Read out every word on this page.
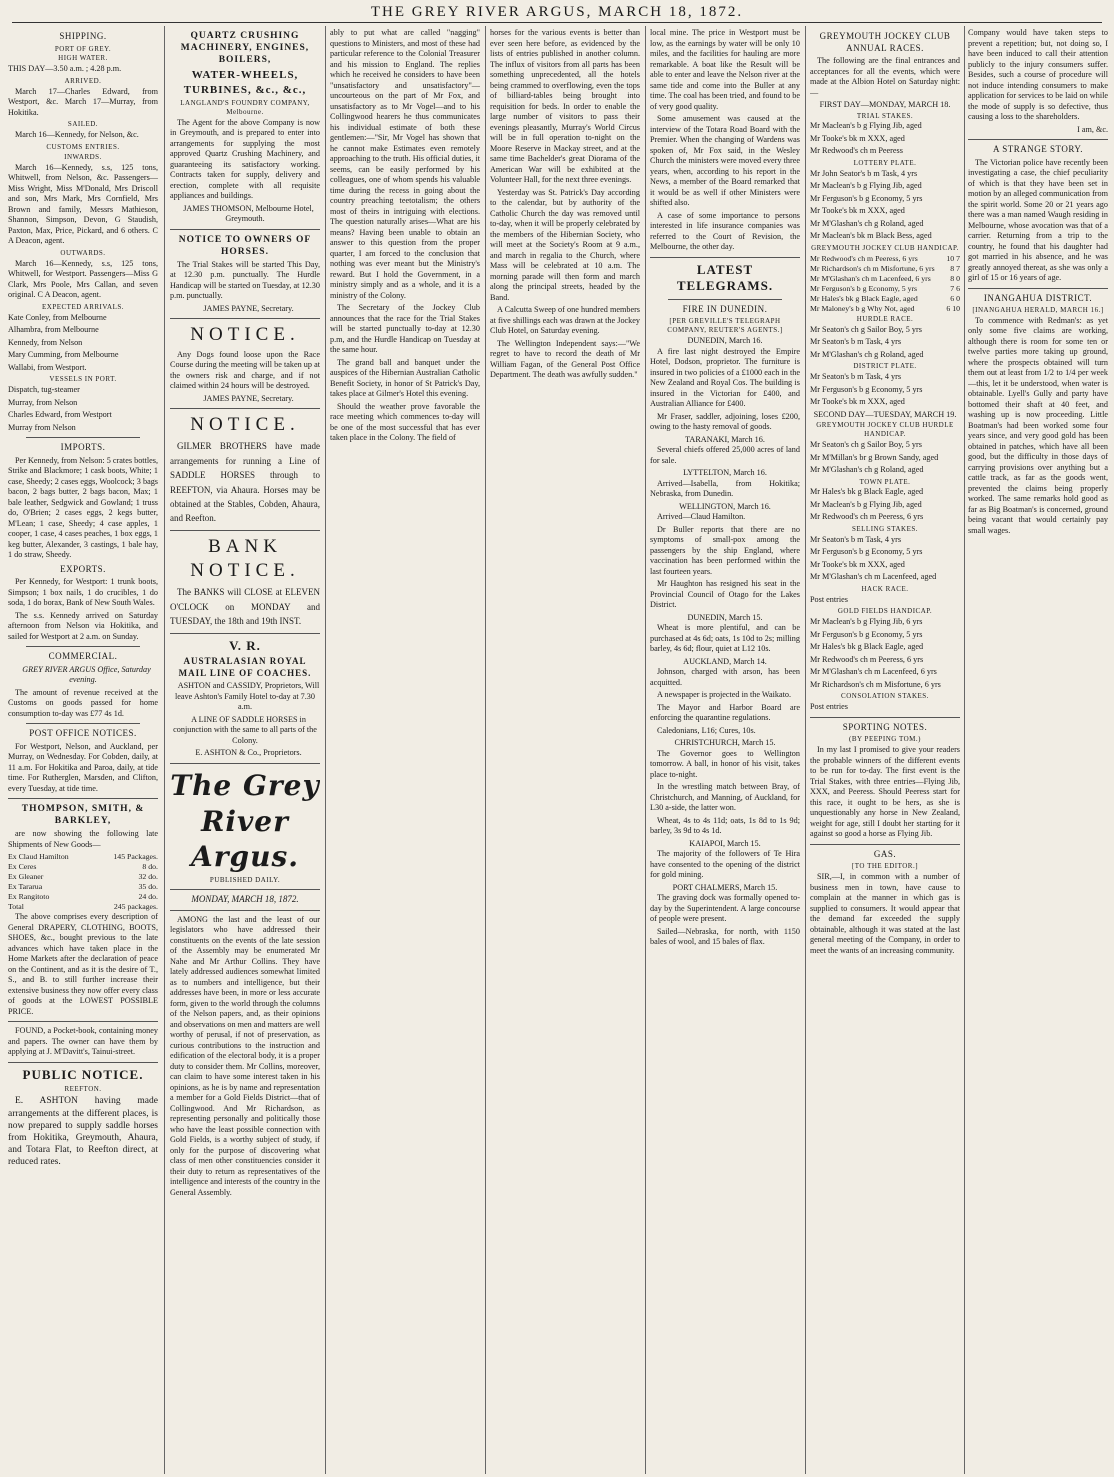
THE GREY RIVER ARGUS, MARCH 18, 1872.
SHIPPING.
PORT OF GREY.
HIGH WATER.

THIS DAY—3.50 a.m. ; 4.28 p.m.

ARRIVED.

March 17—Charles Edward, from Westport, &c. March 17—Murray, from Hokitika.

SAILED.

March 16—Kennedy, for Nelson, &c.

CUSTOMS ENTRIES.
INWARDS.

March 16—Kennedy, s.s, 125 tons, Whitwell, from Nelson, &c. Passengers—Miss Wright, Miss M'Donald, Mrs Driscoll and son, Mrs Mark, Mrs Cornfield, Mrs Brown and family, Messrs Mathieson, Shannon, Simpson, Devon, G Staudish, Paxton, Max, Price, Pickard, and 6 others. C A Deacon, agent.

OUTWARDS.

March 16—Kennedy, s.s, 125 tons, Whitwell, for Westport. Passengers—Miss G Clark, Mrs Poole, Mrs Callan, and seven original. C A Deacon, agent.

EXPECTED ARRIVALS.

Kate Conley, from Melbourne

Alhambra, from Melbourne

Kennedy, from Nelson

Mary Cumming, from Melbourne

Wallabi, from Westport.

VESSELS IN PORT.

Dispatch, tug-steamer

Murray, from Nelson

Charles Edward, from Westport

Murray from Nelson

IMPORTS.

Per Kennedy, from Nelson: 5 crates bottles, Strike and Blackmore; 1 cask boots, White; 1 case, Sheedy; 2 cases eggs, Woolcock; 3 bags bacon, 2 bags butter, 2 bags bacon, Max; 1 bale leather, Sedgwick and Gowland; 1 truss do, O'Brien; 2 cases eggs, 2 kegs butter, M'Lean; 1 case, Sheedy; 4 case apples, 1 cooper, 1 case, 4 cases peaches, 1 box eggs, 1 keg butter, Alexander, 3 castings, 1 bale hay, 1 do straw, Sheedy.

EXPORTS.

Per Kennedy, for Westport: 1 trunk boots, Simpson; 1 box nails, 1 do crucibles, 1 do soda, 1 do borax, Bank of New South Wales.

The s.s. Kennedy arrived on Saturday afternoon from Nelson via Hokitika, and sailed for Westport at 2 a.m. on Sunday.

COMMERCIAL.

GREY RIVER ARGUS Office, Saturday evening.

The amount of revenue received at the Customs on goods passed for home consumption to-day was £77 4s 1d.

POST OFFICE NOTICES.

For Westport, Nelson, and Auckland, per Murray, on Wednesday. For Cobden, daily, at 11 a.m. For Hokitika and Paroa, daily, at tide time. For Rutherglen, Marsden, and Clifton, every Tuesday, at tide time.

THOMPSON, SMITH, & BARKLEY,

are now showing the following late Shipments of New Goods—

Ex Claud Hamilton	145 Packages.
Ex Ceres	8 do.
Ex Gleaner	32 do.
Ex Tararua	35 do.
Ex Rangitoto	24 do.
Total	245 packages.

The above comprises every description of General DRAPERY, CLOTHING, BOOTS, SHOES, &c., bought previous to the late advances which have taken place in the Home Markets after the declaration of peace on the Continent, and as it is the desire of T., S., and B. to still further increase their extensive business they now offer every class of goods at the LOWEST POSSIBLE PRICE.

FOUND, a Pocket-book, containing money and papers. The owner can have them by applying at J. M'Davitt's, Tainui-street.

PUBLIC NOTICE.
REEFTON.

E. ASHTON having made arrangements at the different places, is now prepared to supply saddle horses from Hokitika, Greymouth, Ahaura, and Totara Flat, to Reefton direct, at reduced rates.

QUARTZ CRUSHING MACHINERY, ENGINES, BOILERS,
WATER-WHEELS, TURBINES, &c., &c.,
LANGLAND'S FOUNDRY COMPANY, Melbourne.

The Agent for the above Company is now in Greymouth, and is prepared to enter into arrangements for supplying the most approved Quartz Crushing Machinery, and guaranteeing its satisfactory working. Contracts taken for supply, delivery and erection, complete with all requisite appliances and buildings.

JAMES THOMSON, Melbourne Hotel, Greymouth.

NOTICE TO OWNERS OF HORSES.

The Trial Stakes will be started This Day, at 12.30 p.m. punctually. The Hurdle Handicap will be started on Tuesday, at 12.30 p.m. punctually.

JAMES PAYNE, Secretary.

NOTICE.

Any Dogs found loose upon the Race Course during the meeting will be taken up at the owners risk and charge, and if not claimed within 24 hours will be destroyed.

JAMES PAYNE, Secretary.

NOTICE.

GILMER BROTHERS have made arrangements for running a Line of SADDLE HORSES through to REEFTON, via Ahaura. Horses may be obtained at the Stables, Cobden, Ahaura, and Reefton.

BANK NOTICE.

The BANKS will CLOSE at ELEVEN O'CLOCK on MONDAY and TUESDAY, the 18th and 19th INST.

V. R.
AUSTRALASIAN ROYAL MAIL LINE OF COACHES.

ASHTON and CASSIDY, Proprietors, Will leave Ashton's Family Hotel to-day at 7.30 a.m.

A LINE OF SADDLE HORSES in conjunction with the same to all parts of the Colony.

E. ASHTON & Co., Proprietors.

The Grey River Argus.
PUBLISHED DAILY.
MONDAY, MARCH 18, 1872.

AMONG the last and the least of our legislators who have addressed their constituents on the events of the late session of the Assembly may be enumerated Mr Nahe and Mr Arthur Collins. They have lately addressed audiences somewhat limited as to numbers and intelligence, but their addresses have been, in more or less accurate form, given to the world through the columns of the Nelson papers, and, as their opinions and observations on men and matters are well worthy of perusal, if not of preservation, as curious contributions to the instruction and edification of the electoral body, it is a proper duty to consider them. Mr Collins, moreover, can claim to have some interest taken in his opinions, as he is by name and representation a member for a Gold Fields District—that of Collingwood. And Mr Richardson, as representing personally and politically those who have the least possible connection with Gold Fields, is a worthy subject of study, if only for the purpose of discovering what class of men other constituencies consider it their duty to return as representatives of the intelligence and interests of the country in the General Assembly.

ably to put what are called "nagging" questions to Ministers, and most of these had particular reference to the Colonial Treasurer and his mission to England. The replies which he received he considers to have been "unsatisfactory and unsatisfactory"—uncourteous on the part of Mr Fox, and unsatisfactory as to Mr Vogel—and to his Collingwood hearers he thus communicates his individual estimate of both these gentlemen:—"Sir, Mr Vogel has shown that he cannot make Estimates even remotely approaching to the truth. His official duties, it seems, can be easily performed by his colleagues, one of whom spends his valuable time during the recess in going about the country preaching teetotalism; the others most of theirs in intriguing with elections. The question naturally arises—What are his means? Having been unable to obtain an answer to this question from the proper quarter, I am forced to the conclusion that nothing was ever meant but the Ministry's reward. But I hold the Government, in a ministry simply and as a whole, and it is a ministry of the Colony.

The Secretary of the Jockey Club announces that the race for the Trial Stakes will be started punctually to-day at 12.30 p.m, and the Hurdle Handicap on Tuesday at the same hour.

The grand ball and banquet under the auspices of the Hibernian Australian Catholic Benefit Society, in honor of St Patrick's Day, takes place at Gilmer's Hotel this evening.

Should the weather prove favorable the race meeting which commences to-day will be one of the most successful that has ever taken place in the Colony. The field of

horses for the various events is better than ever seen here before, as evidenced by the lists of entries published in another column. The influx of visitors from all parts has been something unprecedented, all the hotels being crammed to overflowing, even the tops of billiard-tables being brought into requisition for beds. In order to enable the large number of visitors to pass their evenings pleasantly, Murray's World Circus will be in full operation to-night on the Moore Reserve in Mackay street, and at the same time Bachelder's great Diorama of the American War will be exhibited at the Volunteer Hall, for the next three evenings.

Yesterday was St. Patrick's Day according to the calendar, but by authority of the Catholic Church the day was removed until to-day, when it will be properly celebrated by the members of the Hibernian Society, who will meet at the Society's Room at 9 a.m., and march in regalia to the Church, where Mass will be celebrated at 10 a.m. The morning parade will then form and march along the principal streets, headed by the Band.

A Calcutta Sweep of one hundred members at five shillings each was drawn at the Jockey Club Hotel, on Saturday evening.

The Wellington Independent says:—"We regret to have to record the death of Mr William Fagan, of the General Post Office Department. The death was awfully sudden."

local mine. The price in Westport must be low, as the earnings by water will be only 10 miles, and the facilities for hauling are more remarkable. A boat like the Result will be able to enter and leave the Nelson river at the same tide and come into the Buller at any time. The coal has been tried, and found to be of very good quality.

Some amusement was caused at the interview of the Totara Road Board with the Premier. When the changing of Wardens was spoken of, Mr Fox said, in the Wesley Church the ministers were moved every three years, when, according to his report in the News, a member of the Board remarked that it would be as well if other Ministers were shifted also.

A case of some importance to persons interested in life insurance companies was referred to the Court of Revision, the Melbourne, the other day.

LATEST TELEGRAMS.
FIRE IN DUNEDIN.
[PER GREVILLE'S TELEGRAPH COMPANY, REUTER'S AGENTS.]
DUNEDIN, March 16.

A fire last night destroyed the Empire Hotel, Dodson, proprietor. The furniture is insured in two policies of a £1000 each in the New Zealand and Royal Cos. The building is insured in the Victorian for £400, and Australian Alliance for £400.

Mr Fraser, saddler, adjoining, loses £200, owing to the hasty removal of goods.

TARANAKI, March 16.

Several chiefs offered 25,000 acres of land for sale.

LYTTELTON, March 16.

Arrived—Isabella, from Hokitika; Nebraska, from Dunedin.

WELLINGTON, March 16.

Arrived—Claud Hamilton.

Dr Buller reports that there are no symptoms of small-pox among the passengers by the ship England, where vaccination has been performed within the last fourteen years.

Mr Haughton has resigned his seat in the Provincial Council of Otago for the Lakes District.

DUNEDIN, March 15.

Wheat is more plentiful, and can be purchased at 4s 6d; oats, 1s 10d to 2s; milling barley, 4s 6d; flour, quiet at L12 10s.

AUCKLAND, March 14.

Johnson, charged with arson, has been acquitted.

A newspaper is projected in the Waikato.

The Mayor and Harbor Board are enforcing the quarantine regulations.

Caledonians, L16; Cures, 10s.

CHRISTCHURCH, March 15.

The Governor goes to Wellington tomorrow. A ball, in honor of his visit, takes place to-night.

In the wrestling match between Bray, of Christchurch, and Manning, of Auckland, for L30 a-side, the latter won.

Wheat, 4s to 4s 11d; oats, 1s 8d to 1s 9d; barley, 3s 9d to 4s 1d.

KAIAPOI, March 15.

The majority of the followers of Te Hira have consented to the opening of the district for gold mining.

PORT CHALMERS, March 15.

The graving dock was formally opened to-day by the Superintendent. A large concourse of people were present.

Sailed—Nebraska, for north, with 1150 bales of wool, and 15 bales of flax.

GREYMOUTH JOCKEY CLUB ANNUAL RACES.

The following are the final entrances and acceptances for all the events, which were made at the Albion Hotel on Saturday night:—

FIRST DAY—MONDAY, MARCH 18.
TRIAL STAKES.

Mr Maclean's b g Flying Jib, aged

Mr Tooke's bk m XXX, aged

Mr Redwood's ch m Peeress

LOTTERY PLATE.

Mr John Seator's b m Task, 4 yrs

Mr Maclean's b g Flying Jib, aged

Mr Ferguson's b g Economy, 5 yrs

Mr Tooke's bk m XXX, aged

Mr M'Glashan's ch g Roland, aged

Mr Maclean's bk m Black Bess, aged

GREYMOUTH JOCKEY CLUB HANDICAP.
Mr Redwood's ch m Peeress, 6 yrs	10 7
Mr Richardson's ch m Misfortune, 6 yrs	8 7
Mr M'Glashan's ch m Lacenfeed, 6 yrs	8 0
Mr Ferguson's b g Economy, 5 yrs	7 6
Mr Hales's bk g Black Eagle, aged	6 0
Mr Maloney's b g Why Not, aged	6 10
HURDLE RACE.

Mr Seaton's ch g Sailor Boy, 5 yrs

Mr Seaton's b m Task, 4 yrs

Mr M'Glashan's ch g Roland, aged

DISTRICT PLATE.

Mr Seaton's b m Task, 4 yrs

Mr Ferguson's b g Economy, 5 yrs

Mr Tooke's bk m XXX, aged

SECOND DAY—TUESDAY, MARCH 19.
GREYMOUTH JOCKEY CLUB HURDLE HANDICAP.

Mr Seaton's ch g Sailor Boy, 5 yrs

Mr M'Millan's br g Brown Sandy, aged

Mr M'Glashan's ch g Roland, aged

TOWN PLATE.

Mr Hales's bk g Black Eagle, aged

Mr Maclean's b g Flying Jib, aged

Mr Redwood's ch m Peeress, 6 yrs

SELLING STAKES.

Mr Seaton's b m Task, 4 yrs

Mr Ferguson's b g Economy, 5 yrs

Mr Tooke's bk m XXX, aged

Mr M'Glashan's ch m Lacenfeed, aged

HACK RACE.

Post entries

GOLD FIELDS HANDICAP.

Mr Maclean's b g Flying Jib, 6 yrs

Mr Ferguson's b g Economy, 5 yrs

Mr Hales's bk g Black Eagle, aged

Mr Redwood's ch m Peeress, 6 yrs

Mr M'Glashan's ch m Lacenfeed, 6 yrs

Mr Richardson's ch m Misfortune, 6 yrs

CONSOLATION STAKES.

Post entries

SPORTING NOTES.
(BY PEEPING TOM.)

In my last I promised to give your readers the probable winners of the different events to be run for to-day. The first event is the Trial Stakes, with three entries—Flying Jib, XXX, and Peeress. Should Peeress start for this race, it ought to be hers, as she is unquestionably any horse in New Zealand, weight for age, still I doubt her starting for it against so good a horse as Flying Jib.

GAS.
[TO THE EDITOR.]

SIR,—I, in common with a number of business men in town, have cause to complain at the manner in which gas is supplied to consumers. It would appear that the demand far exceeded the supply obtainable, although it was stated at the last general meeting of the Company, in order to meet the wants of an increasing community.

Company would have taken steps to prevent a repetition; but, not doing so, I have been induced to call their attention publicly to the injury consumers suffer. Besides, such a course of procedure will not induce intending consumers to make application for services to be laid on while the mode of supply is so defective, thus causing a loss to the shareholders.

I am, &c.

A STRANGE STORY.

The Victorian police have recently been investigating a case, the chief peculiarity of which is that they have been set in motion by an alleged communication from the spirit world. Some 20 or 21 years ago there was a man named Waugh residing in Melbourne, whose avocation was that of a carrier. Returning from a trip to the country, he found that his daughter had got married in his absence, and he was greatly annoyed thereat, as she was only a girl of 15 or 16 years of age.

INANGAHUA DISTRICT.
[INANGAHUA HERALD, MARCH 16.]

To commence with Redman's: as yet only some five claims are working, although there is room for some ten or twelve parties more taking up ground, where the prospects obtained will turn them out at least from 1/2 to 1/4 per week—this, let it be understood, when water is obtainable. Lyell's Gully and party have bottomed their shaft at 40 feet, and washing up is now proceeding. Little Boatman's had been worked some four years since, and very good gold has been obtained in patches, which have all been good, but the difficulty in those days of carrying provisions over anything but a cattle track, as far as the goods went, prevented the claims being properly worked. The same remarks hold good as far as Big Boatman's is concerned, ground being vacant that would certainly pay small wages.
